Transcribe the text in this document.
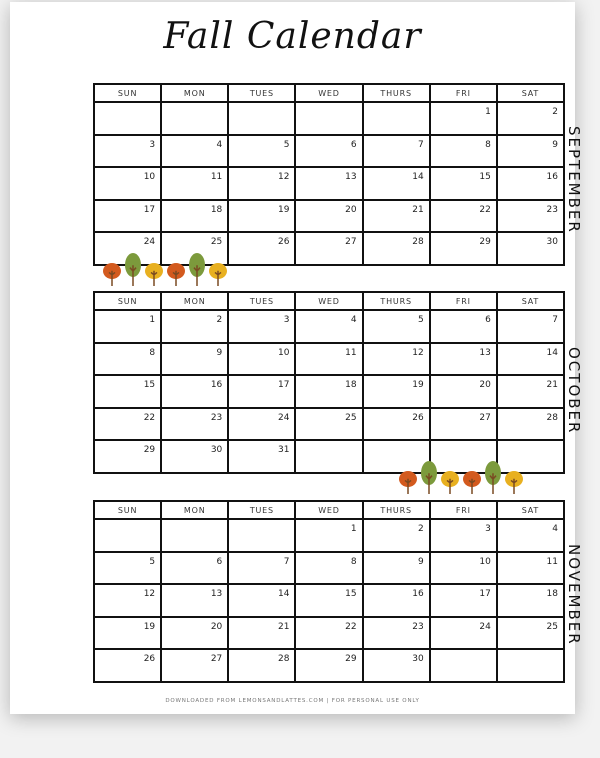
Fall Calendar
SUN	MON	TUES	WED	THURS	FRI	SAT
					1	2
3	4	5	6	7	8	9
10	11	12	13	14	15	16
17	18	19	20	21	22	23
24	25	26	27	28	29	30
SEPTEMBER
SUN	MON	TUES	WED	THURS	FRI	SAT
1	2	3	4	5	6	7
8	9	10	11	12	13	14
15	16	17	18	19	20	21
22	23	24	25	26	27	28
29	30	31				
OCTOBER
SUN	MON	TUES	WED	THURS	FRI	SAT
			1	2	3	4
5	6	7	8	9	10	11
12	13	14	15	16	17	18
19	20	21	22	23	24	25
26	27	28	29	30		
NOVEMBER
DOWNLOADED FROM LEMONSANDLATTES.COM | FOR PERSONAL USE ONLY
